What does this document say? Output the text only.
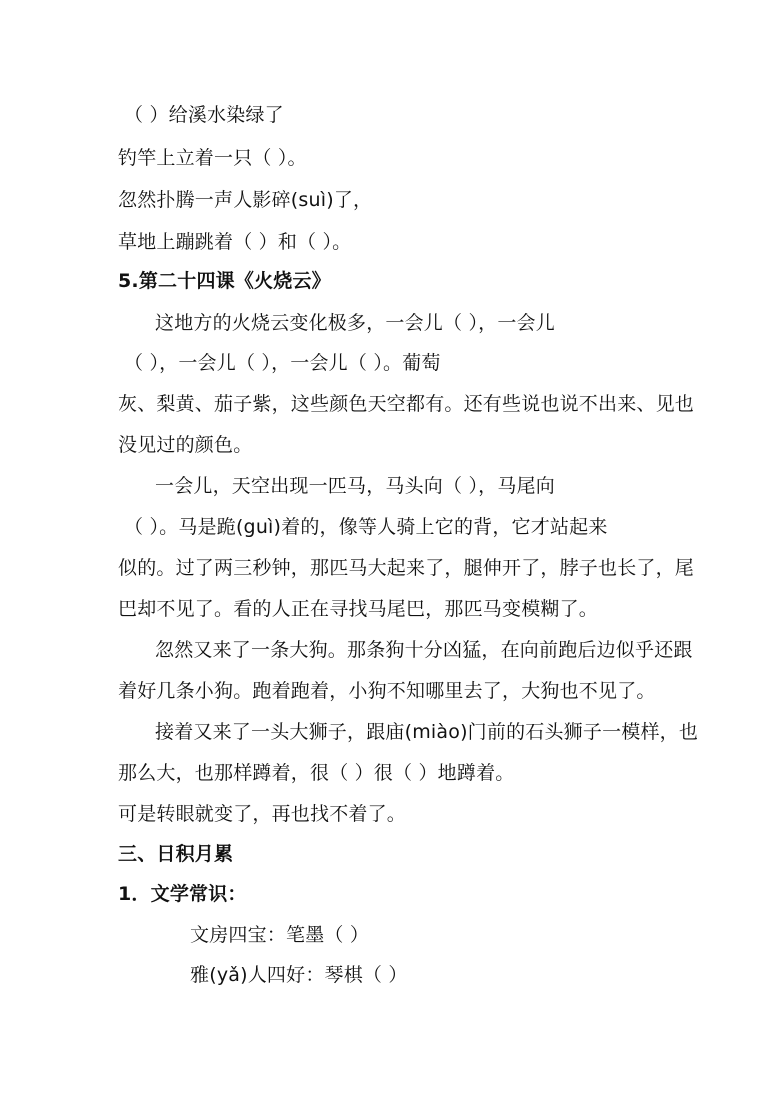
（ ）给溪水染绿了
钓竿上立着一只（ ）。
忽然扑腾一声人影碎(suì)了，
草地上蹦跳着（ ）和（ ）。
5.第二十四课《火烧云》
这地方的火烧云变化极多，一会儿（ ），一会儿
（ ），一会儿（ ），一会儿（ ）。葡萄
灰、梨黄、茄子紫，这些颜色天空都有。还有些说也说不出来、见也
没见过的颜色。
一会儿，天空出现一匹马，马头向（ ），马尾向
（ ）。马是跪(guì)着的，像等人骑上它的背，它才站起来
似的。过了两三秒钟，那匹马大起来了，腿伸开了，脖子也长了，尾
巴却不见了。看的人正在寻找马尾巴，那匹马变模糊了。
忽然又来了一条大狗。那条狗十分凶猛，在向前跑后边似乎还跟
着好几条小狗。跑着跑着，小狗不知哪里去了，大狗也不见了。
接着又来了一头大狮子，跟庙(miào)门前的石头狮子一模样，也
那么大，也那样蹲着，很（ ）很（ ）地蹲着。
可是转眼就变了，再也找不着了。
三、日积月累
1．文学常识：
文房四宝：笔墨（ ）
雅(yǎ)人四好：琴棋（ ）
